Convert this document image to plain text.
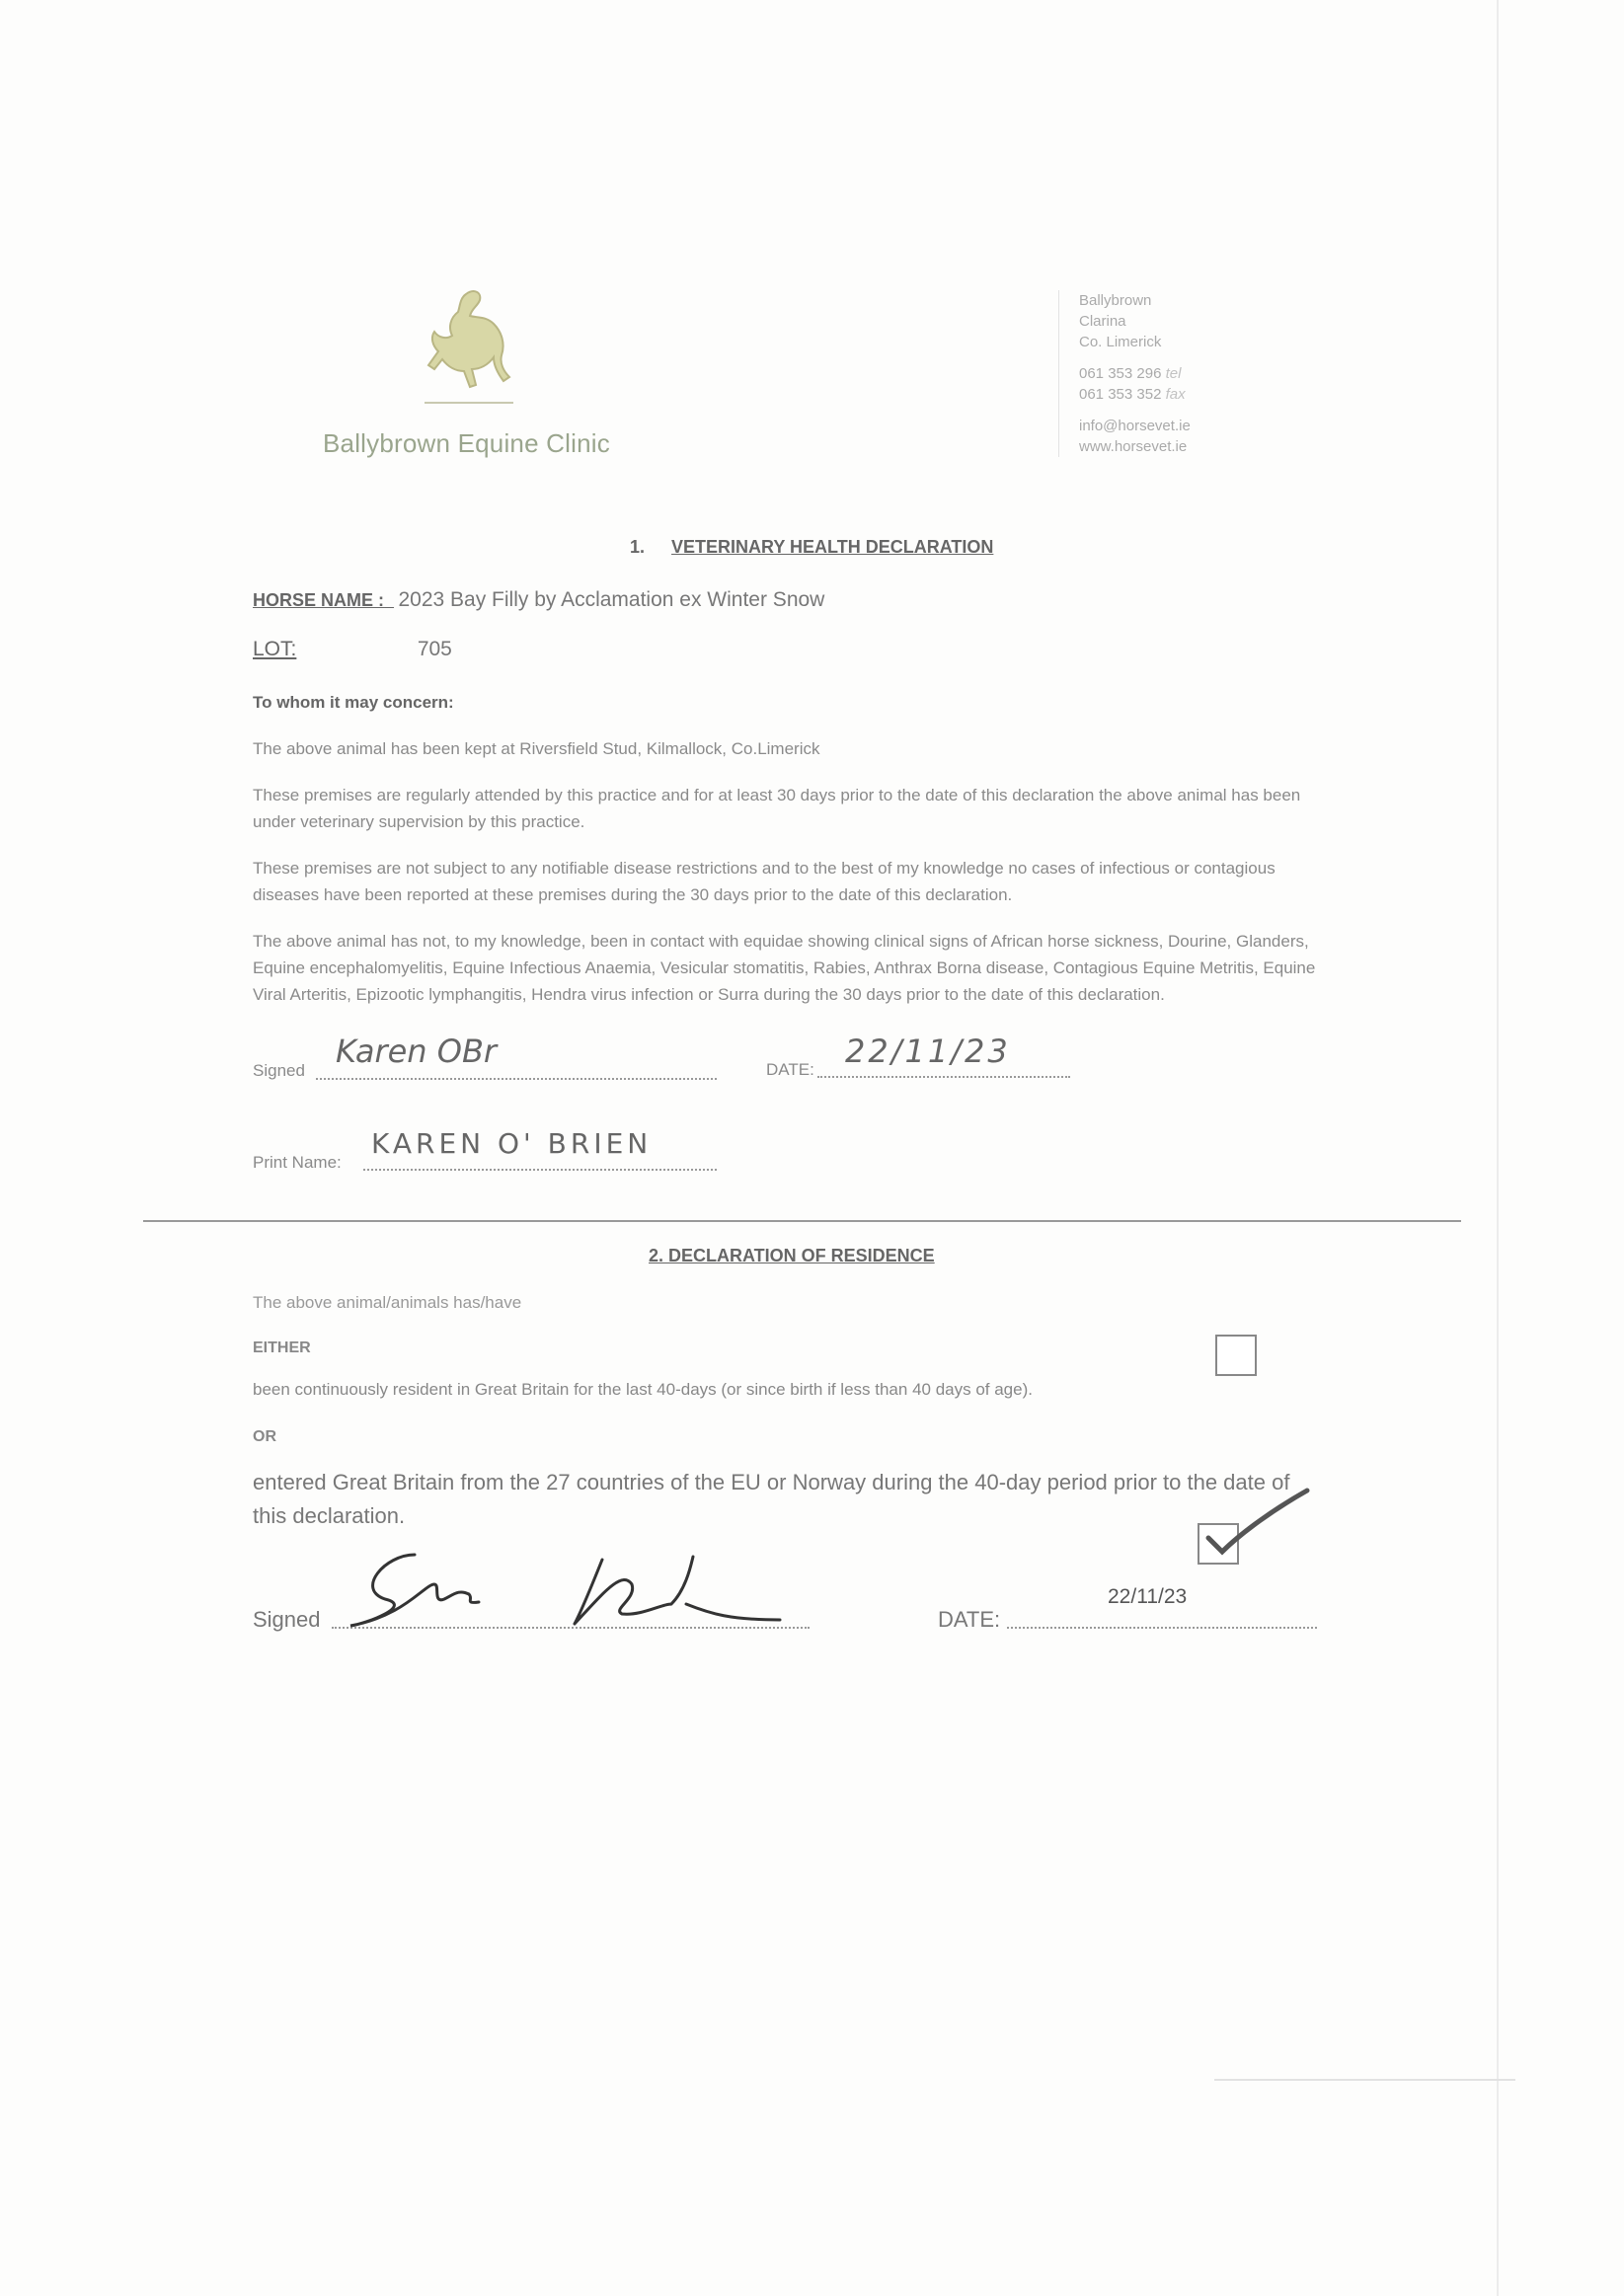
Ballybrown Equine Clinic
Ballybrown
Clarina
Co. Limerick
061 353 296 tel
061 353 352 fax
info@horsevet.ie
www.horsevet.ie
1. VETERINARY HEALTH DECLARATION
HORSE NAME : 2023 Bay Filly by Acclamation ex Winter Snow
LOT:	705
To whom it may concern:
The above animal has been kept at Riversfield Stud, Kilmallock, Co.Limerick
These premises are regularly attended by this practice and for at least 30 days prior to the date of this declaration the above animal has been under veterinary supervision by this practice.
These premises are not subject to any notifiable disease restrictions and to the best of my knowledge no cases of infectious or contagious diseases have been reported at these premises during the 30 days prior to the date of this declaration.
The above animal has not, to my knowledge, been in contact with equidae showing clinical signs of African horse sickness, Dourine, Glanders, Equine encephalomyelitis, Equine Infectious Anaemia, Vesicular stomatitis, Rabies, Anthrax Borna disease, Contagious Equine Metritis, Equine Viral Arteritis, Epizootic lymphangitis, Hendra virus infection or Surra during the 30 days prior to the date of this declaration.
Signed
Karen OBr	DATE: 22/11/23
Print Name:
KAREN O' BRIEN
2. DECLARATION OF RESIDENCE
The above animal/animals has/have
EITHER
been continuously resident in Great Britain for the last 40-days (or since birth if less than 40 days of age).
OR
entered Great Britain from the 27 countries of the EU or Norway during the 40-day period prior to the date of this declaration.
Signed	DATE:
22/11/23
